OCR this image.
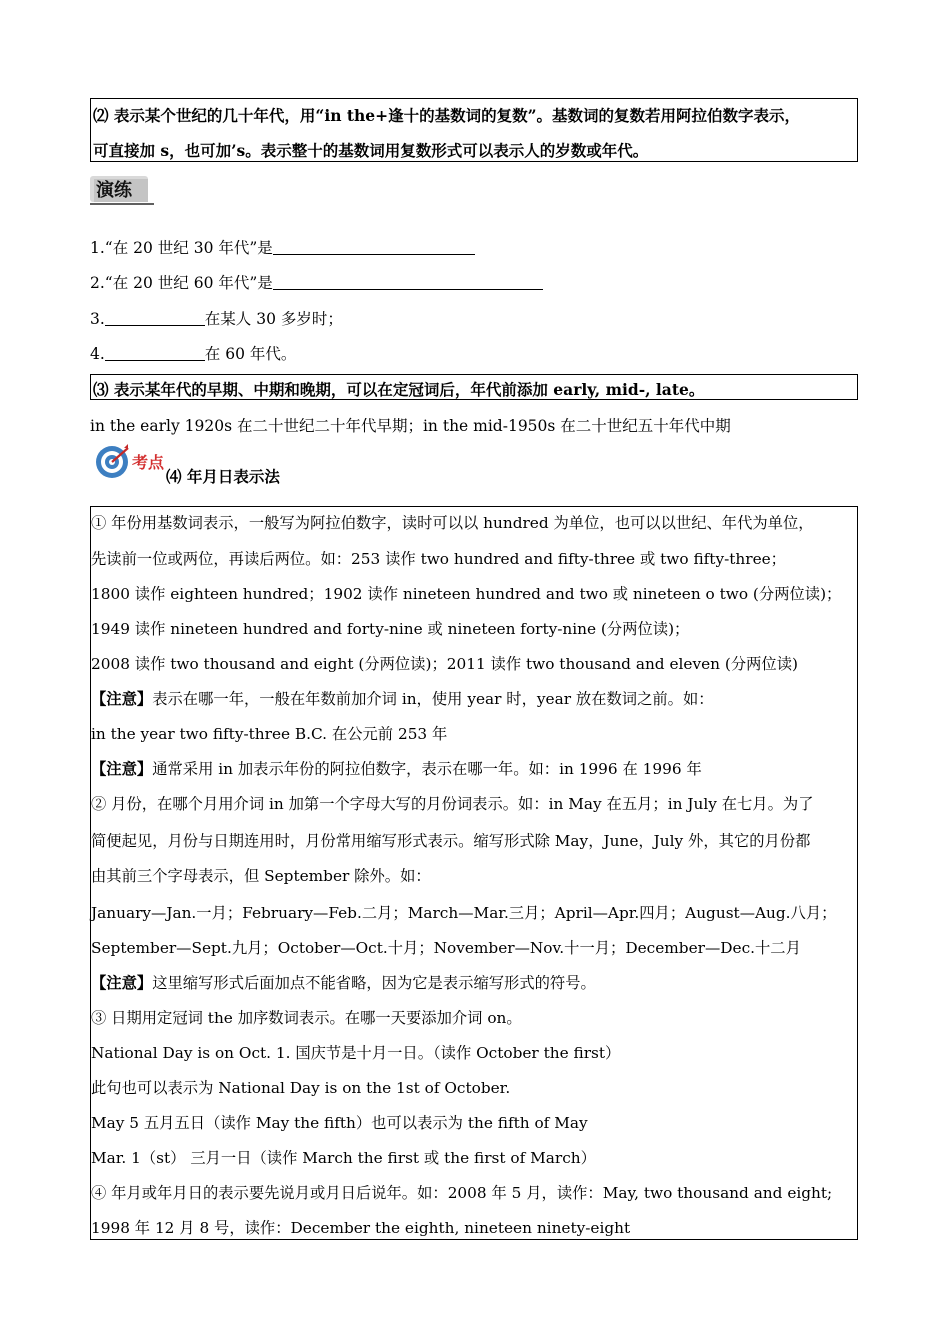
⑵ 表示某个世纪的几十年代，用“in the+逢十的基数词的复数”。基数词的复数若用阿拉伯数字表示，
可直接加 s，也可加’s。表示整十的基数词用复数形式可以表示人的岁数或年代。
演练
1.“在 20 世纪 30 年代”是
2.“在 20 世纪 60 年代”是
3.	在某人 30 多岁时；
4.	在 60 年代。
⑶ 表示某年代的早期、中期和晚期，可以在定冠词后，年代前添加 early, mid-, late。
in the early 1920s 在二十世纪二十年代早期；in the mid-1950s 在二十世纪五十年代中期
考点
⑷ 年月日表示法
① 年份用基数词表示，一般写为阿拉伯数字，读时可以以 hundred 为单位，也可以以世纪、年代为单位，
先读前一位或两位，再读后两位。如：253 读作 two hundred and fifty-three 或 two fifty-three；
1800 读作 eighteen hundred；1902 读作 nineteen hundred and two 或 nineteen o two (分两位读)；
1949 读作 nineteen hundred and forty-nine 或 nineteen forty-nine (分两位读)；
2008 读作 two thousand and eight (分两位读)；2011 读作 two thousand and eleven (分两位读)
【注意】表示在哪一年，一般在年数前加介词 in，使用 year 时，year 放在数词之前。如：
in the year two fifty-three B.C. 在公元前 253 年
【注意】通常采用 in 加表示年份的阿拉伯数字，表示在哪一年。如：in 1996 在 1996 年
② 月份，在哪个月用介词 in 加第一个字母大写的月份词表示。如：in May 在五月；in July 在七月。为了
简便起见，月份与日期连用时，月份常用缩写形式表示。缩写形式除 May，June，July 外，其它的月份都
由其前三个字母表示，但 September 除外。如：
January—Jan.一月；February—Feb.二月；March—Mar.三月；April—Apr.四月；August—Aug.八月；
September—Sept.九月；October—Oct.十月；November—Nov.十一月；December—Dec.十二月
【注意】这里缩写形式后面加点不能省略，因为它是表示缩写形式的符号。
③ 日期用定冠词 the 加序数词表示。在哪一天要添加介词 on。
National Day is on Oct. 1. 国庆节是十月一日。（读作 October the first）
此句也可以表示为 National Day is on the 1st of October.
May 5 五月五日（读作 May the fifth）也可以表示为 the fifth of May
Mar. 1（st） 三月一日（读作 March the first 或 the first of March）
④ 年月或年月日的表示要先说月或月日后说年。如：2008 年 5 月，读作：May, two thousand and eight;
1998 年 12 月 8 号，读作：December the eighth, nineteen ninety-eight
